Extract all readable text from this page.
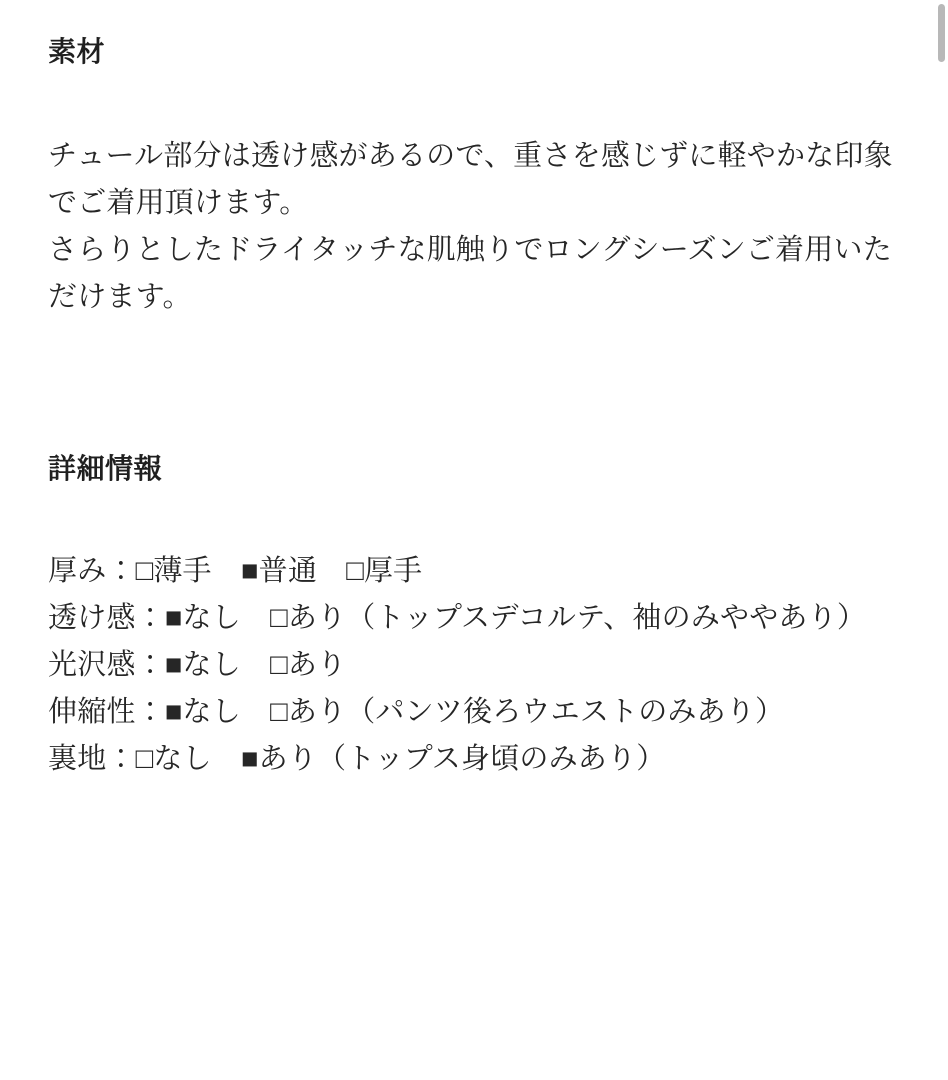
素材

チュール部分は透け感があるので、重さを感じずに軽やかな印象でご着用頂けます。
さらりとしたドライタッチな肌触りでロングシーズンご着用いただけます。

詳細情報
厚み：□薄手　■普通　□厚手
透け感：■なし　□あり（トップスデコルテ、袖のみややあり）
光沢感：■なし　□あり
伸縮性：■なし　□あり（パンツ後ろウエストのみあり）
裏地：□なし　■あり（トップス身頃のみあり）
